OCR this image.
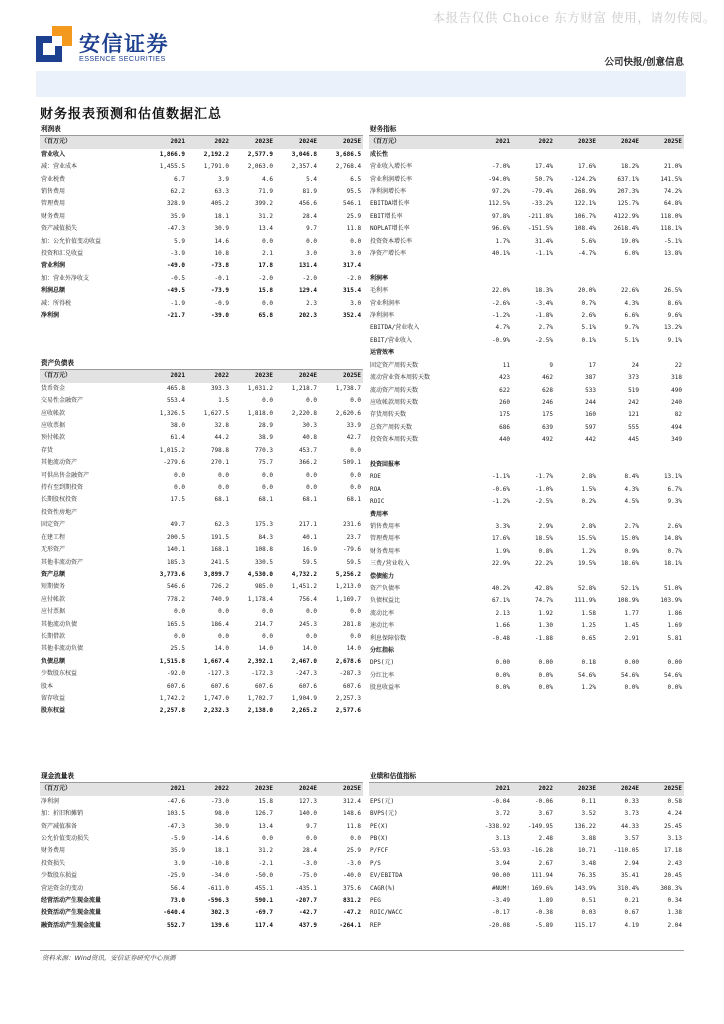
本报告仅供 Choice 东方财富 使用，请勿传阅。
安信证券
ESSENCE SECURITIES	公司快报/创意信息
财务报表预测和估值数据汇总
利润表					
（百万元）	2021	2022	2023E	2024E	2025E
营业收入	1,866.9	2,192.2	2,577.9	3,046.8	3,686.5
减：营业成本	1,455.5	1,791.0	2,063.0	2,357.4	2,768.4
营业税费	6.7	3.9	4.6	5.4	6.5
销售费用	62.2	63.3	71.9	81.9	95.5
管理费用	328.9	405.2	399.2	456.6	546.1
财务费用	35.9	18.1	31.2	28.4	25.9
资产减值损失	-47.3	30.9	13.4	9.7	11.8
加：公允价值变动收益	5.9	14.6	0.0	0.0	0.0
投资和汇兑收益	-3.9	10.8	2.1	3.0	3.0
营业利润	-49.0	-73.8	17.8	131.4	317.4
加：营业外净收支	-0.5	-0.1	-2.0	-2.0	-2.0
利润总额	-49.5	-73.9	15.8	129.4	315.4
减：所得税	-1.9	-0.9	0.0	2.3	3.0
净利润	-21.7	-39.0	65.8	202.3	352.4
财务指标					
（百万元）	2021	2022	2023E	2024E	2025E
成长性					
营业收入增长率	-7.0%	17.4%	17.6%	18.2%	21.0%
营业利润增长率	-94.0%	50.7%	-124.2%	637.1%	141.5%
净利润增长率	97.2%	-79.4%	268.9%	207.3%	74.2%
EBITDA增长率	112.5%	-33.2%	122.1%	125.7%	64.8%
EBIT增长率	97.8%	-211.8%	106.7%	4122.9%	118.0%
NOPLAT增长率	96.6%	-151.5%	108.4%	2618.4%	118.1%
投资资本增长率	1.7%	31.4%	5.6%	19.0%	-5.1%
净资产增长率	40.1%	-1.1%	-4.7%	6.0%	13.8%

利润率					
毛利率	22.0%	18.3%	20.0%	22.6%	26.5%
营业利润率	-2.6%	-3.4%	0.7%	4.3%	8.6%
净利润率	-1.2%	-1.8%	2.6%	6.6%	9.6%
EBITDA/营业收入	4.7%	2.7%	5.1%	9.7%	13.2%
EBIT/营业收入	-0.9%	-2.5%	0.1%	5.1%	9.1%
运营效率					
固定资产周转天数	11	9	17	24	22
流动营业资本周转天数	423	462	387	373	318
流动资产周转天数	622	628	533	519	490
应收帐款周转天数	260	246	244	242	240
存货周转天数	175	175	160	121	82
总资产周转天数	686	639	597	555	494
投资资本周转天数	440	492	442	445	349

投资回报率					
ROE	-1.1%	-1.7%	2.8%	8.4%	13.1%
ROA	-0.6%	-1.0%	1.5%	4.3%	6.7%
ROIC	-1.2%	-2.5%	0.2%	4.5%	9.3%
费用率					
销售费用率	3.3%	2.9%	2.8%	2.7%	2.6%
管理费用率	17.6%	18.5%	15.5%	15.0%	14.8%
财务费用率	1.9%	0.8%	1.2%	0.9%	0.7%
三费/营业收入	22.9%	22.2%	19.5%	18.6%	18.1%
偿债能力					
资产负债率	40.2%	42.8%	52.8%	52.1%	51.0%
负债权益比	67.1%	74.7%	111.9%	108.9%	103.9%
流动比率	2.13	1.92	1.58	1.77	1.86
速动比率	1.66	1.30	1.25	1.45	1.69
利息保障倍数	-0.48	-1.88	0.65	2.91	5.81
分红指标					
DPS(元)	0.00	0.00	0.18	0.00	0.00
分红比率	0.0%	0.0%	54.6%	54.6%	54.6%
股息收益率	0.0%	0.0%	1.2%	0.0%	0.0%
资产负债表					
（百万元）	2021	2022	2023E	2024E	2025E
货币资金	465.8	393.3	1,031.2	1,218.7	1,738.7
交易性金融资产	553.4	1.5	0.0	0.0	0.0
应收帐款	1,326.5	1,627.5	1,818.0	2,220.8	2,620.6
应收票据	38.0	32.8	28.9	30.3	33.9
预付帐款	61.4	44.2	38.9	40.8	42.7
存货	1,015.2	798.8	770.3	453.7	0.0
其他流动资产	-279.6	270.1	75.7	366.2	509.1
可供出售金融资产	0.0	0.0	0.0	0.0	0.0
持有至到期投资	0.0	0.0	0.0	0.0	0.0
长期股权投资	17.5	68.1	68.1	68.1	68.1
投资性房地产					
固定资产	49.7	62.3	175.3	217.1	231.6
在建工程	200.5	191.5	84.3	40.1	23.7
无形资产	140.1	168.1	108.8	16.9	-79.6
其他非流动资产	185.3	241.5	330.5	59.5	59.5
资产总额	3,773.6	3,899.7	4,530.0	4,732.2	5,256.2
短期债务	546.6	726.2	985.0	1,451.2	1,213.0
应付帐款	778.2	740.9	1,178.4	756.4	1,169.7
应付票据	0.0	0.0	0.0	0.0	0.0
其他流动负债	165.5	186.4	214.7	245.3	281.8
长期借款	0.0	0.0	0.0	0.0	0.0
其他非流动负债	25.5	14.0	14.0	14.0	14.0
负债总额	1,515.8	1,667.4	2,392.1	2,467.0	2,678.6
少数股东权益	-92.0	-127.3	-172.3	-247.3	-287.3
股本	607.6	607.6	607.6	607.6	607.6
留存收益	1,742.2	1,747.0	1,702.7	1,904.9	2,257.3
股东权益	2,257.8	2,232.3	2,138.0	2,265.2	2,577.6
现金流量表					
（百万元）	2021	2022	2023E	2024E	2025E
净利润	-47.6	-73.0	15.8	127.3	312.4
加：折旧和摊销	103.5	98.0	126.7	140.0	148.6
资产减值准备	-47.3	30.9	13.4	9.7	11.8
公允价值变动损失	-5.9	-14.6	0.0	0.0	0.0
财务费用	35.9	18.1	31.2	28.4	25.9
投资损失	3.9	-10.8	-2.1	-3.0	-3.0
少数股东损益	-25.9	-34.0	-50.0	-75.0	-40.0
营运资金的变动	56.4	-611.0	455.1	-435.1	375.6
经营活动产生现金流量	73.0	-596.3	590.1	-207.7	831.2
投资活动产生现金流量	-640.4	302.3	-69.7	-42.7	-47.2
融资活动产生现金流量	552.7	139.6	117.4	437.9	-264.1
业绩和估值指标					
	2021	2022	2023E	2024E	2025E
EPS(元)	-0.04	-0.06	0.11	0.33	0.58
BVPS(元)	3.72	3.67	3.52	3.73	4.24
PE(X)	-338.92	-149.95	136.22	44.33	25.45
PB(X)	3.13	2.48	3.88	3.57	3.13
P/FCF	-53.93	-16.28	10.71	-110.05	17.18
P/S	3.94	2.67	3.48	2.94	2.43
EV/EBITDA	90.00	111.94	76.35	35.41	20.45
CAGR(%)	#NUM!	169.6%	143.9%	310.4%	308.3%
PEG	-3.49	1.89	0.51	0.21	0.34
ROIC/WACC	-0.17	-0.38	0.03	0.67	1.38
REP	-20.08	-5.89	115.17	4.19	2.04
资料来源：Wind资讯，安信证券研究中心预测
